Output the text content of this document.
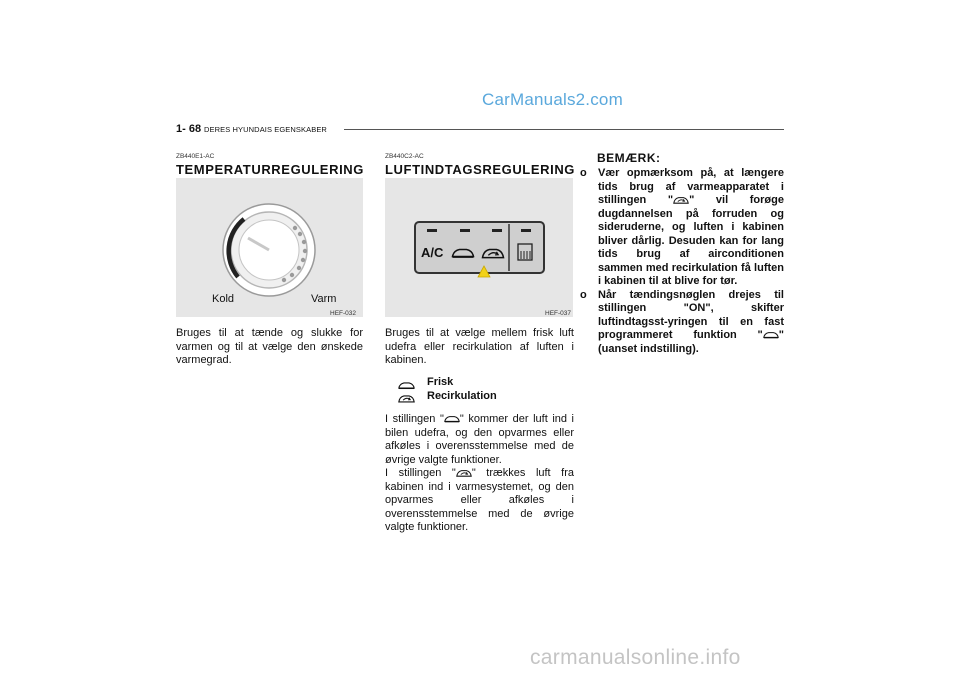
CarManuals2.com
1- 68 DERES HYUNDAIS EGENSKABER
ZB440E1-AC
TEMPERATURREGULERING
Kold	Varm
HEF-032
Bruges til at tænde og slukke for varmen og til at vælge den ønskede varmegrad.
ZB440C2-AC
LUFTINDTAGSREGULERING
A/C
HEF-037
Bruges til at vælge mellem frisk luft udefra eller recirkulation af luften i kabinen.
Frisk
Recirkulation
I stillingen " " kommer der luft ind i bilen udefra, og den opvarmes eller afkøles i overensstemmelse med de øvrige valgte funktioner.
I stillingen " " trækkes luft fra kabinen ind i varmesystemet, og den opvarmes eller afkøles i overensstemmelse med de øvrige valgte funktioner.
BEMÆRK:
o	Vær opmærksom på, at længere tids brug af varmeapparatet i stillingen " " vil forøge dugdannelsen på forruden og sideruderne, og luften i kabinen bliver dårlig. Desuden kan for lang tids brug af airconditionen sammen med recirkulation få luften i kabinen til at blive for tør.
o	Når tændingsnøglen drejes til stillingen "ON", skifter luftindtagsst-yringen til en fast programmeret funktion " " (uanset indstilling).
carmanualsonline.info
